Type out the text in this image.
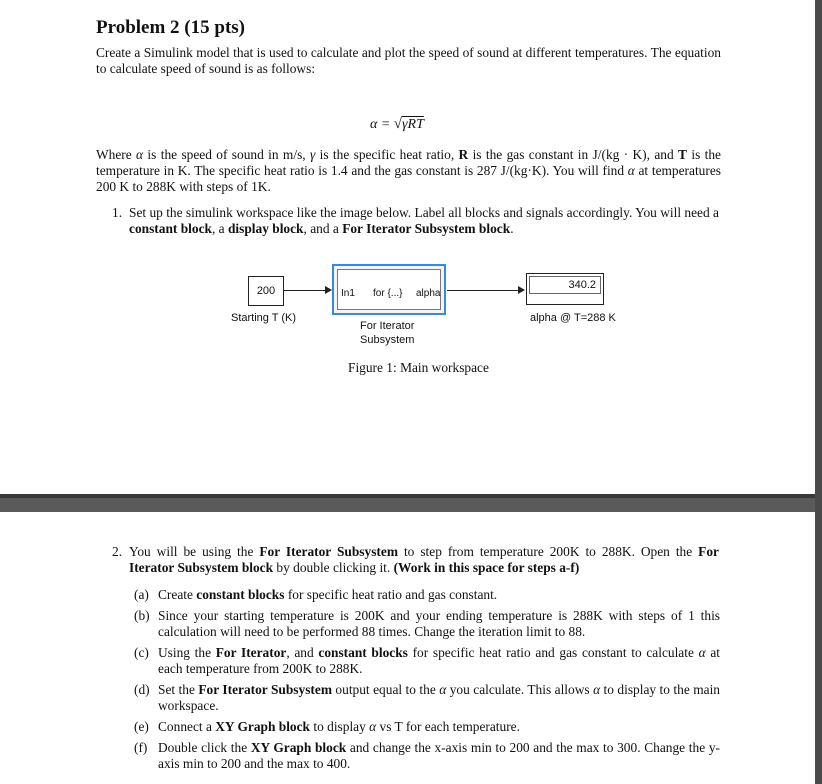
Problem 2 (15 pts)
Create a Simulink model that is used to calculate and plot the speed of sound at different temperatures. The equation to calculate speed of sound is as follows:
α = √γRT
Where α is the speed of sound in m/s, γ is the specific heat ratio, R is the gas constant in J/(kg · K), and T is the temperature in K. The specific heat ratio is 1.4 and the gas constant is 287 J/(kg·K). You will find α at temperatures 200 K to 288K with steps of 1K.
1. Set up the simulink workspace like the image below. Label all blocks and signals accordingly. You will need a constant block, a display block, and a For Iterator Subsystem block.
200
Starting T (K)
In1 for {...} alpha
For Iterator
Subsystem
340.2
alpha @ T=288 K
Figure 1: Main workspace
2. You will be using the For Iterator Subsystem to step from temperature 200K to 288K. Open the For Iterator Subsystem block by double clicking it. (Work in this space for steps a-f)
(a) Create constant blocks for specific heat ratio and gas constant.
(b) Since your starting temperature is 200K and your ending temperature is 288K with steps of 1 this calculation will need to be performed 88 times. Change the iteration limit to 88.
(c) Using the For Iterator, and constant blocks for specific heat ratio and gas constant to calculate α at each temperature from 200K to 288K.
(d) Set the For Iterator Subsystem output equal to the α you calculate. This allows α to display to the main workspace.
(e) Connect a XY Graph block to display α vs T for each temperature.
(f) Double click the XY Graph block and change the x-axis min to 200 and the max to 300. Change the y-axis min to 200 and the max to 400.
